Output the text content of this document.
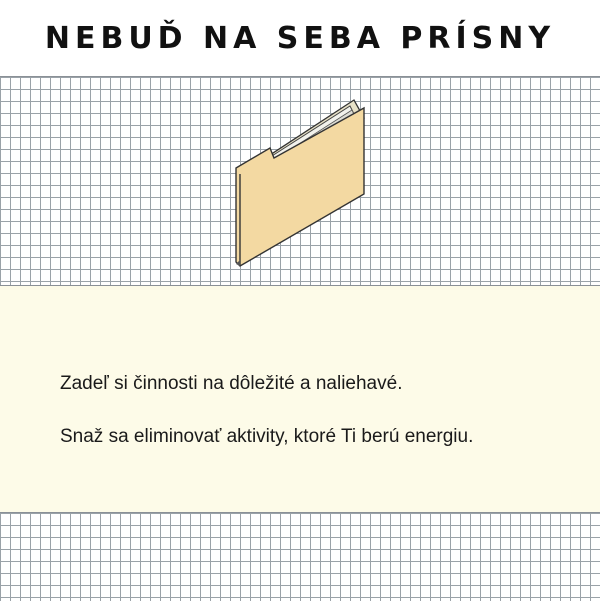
NEBUĎ NA SEBA PRÍSNY

Zadeľ si činnosti na dôležité a naliehavé.

Snaž sa eliminovať aktivity, ktoré Ti berú energiu.
